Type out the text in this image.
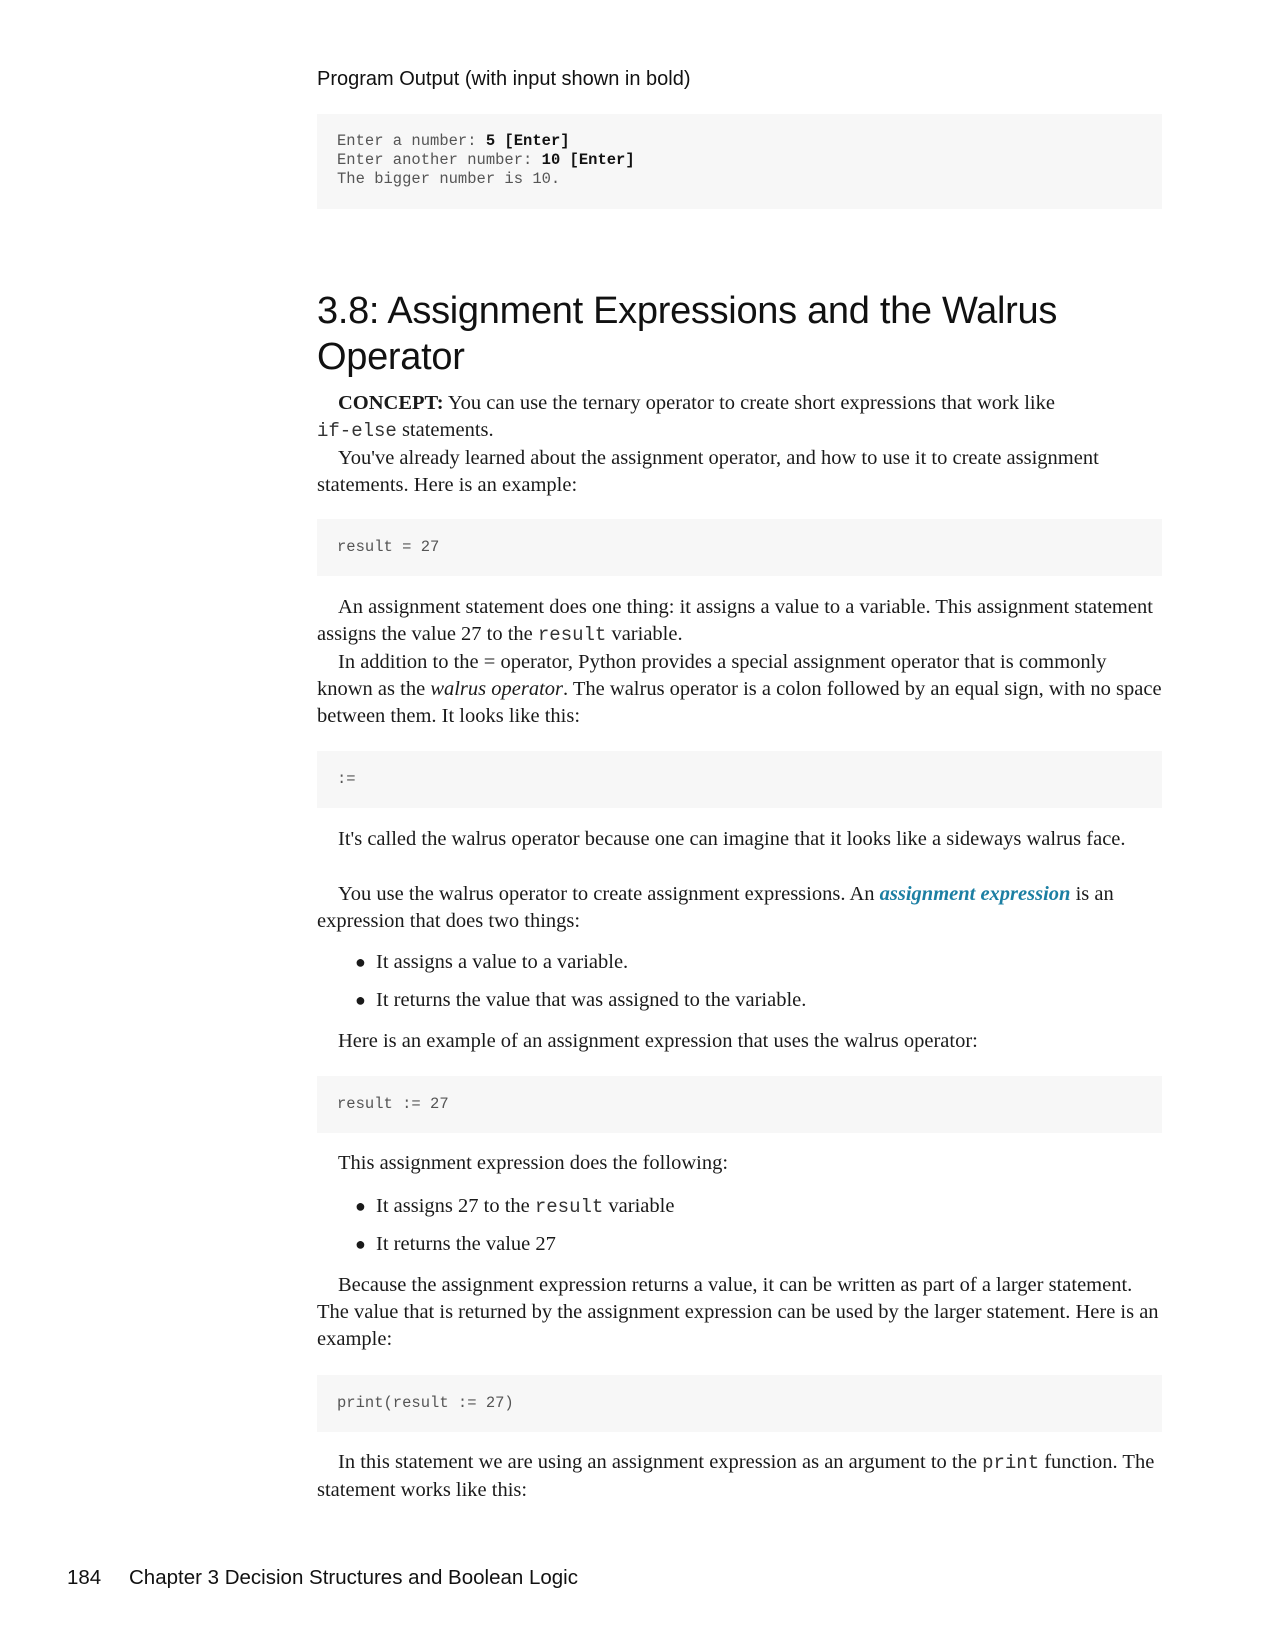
Program Output (with input shown in bold)
Enter a number: 5 [Enter]
Enter another number: 10 [Enter]
The bigger number is 10.
3.8: Assignment Expressions and the Walrus
Operator

CONCEPT: You can use the ternary operator to create short expressions that work like
if-else statements.

You've already learned about the assignment operator, and how to use it to create assignment statements. Here is an example:

result = 27

An assignment statement does one thing: it assigns a value to a variable. This assignment statement assigns the value 27 to the result variable.

In addition to the = operator, Python provides a special assignment operator that is commonly known as the walrus operator. The walrus operator is a colon followed by an equal sign, with no space between them. It looks like this:

:=

It's called the walrus operator because one can imagine that it looks like a sideways walrus face.

You use the walrus operator to create assignment expressions. An assignment expression is an expression that does two things:

● It assigns a value to a variable.
● It returns the value that was assigned to the variable.

Here is an example of an assignment expression that uses the walrus operator:

result := 27

This assignment expression does the following:

● It assigns 27 to the result variable
● It returns the value 27

Because the assignment expression returns a value, it can be written as part of a larger statement. The value that is returned by the assignment expression can be used by the larger statement. Here is an example:

print(result := 27)

In this statement we are using an assignment expression as an argument to the print function. The statement works like this:

184 Chapter 3 Decision Structures and Boolean Logic
